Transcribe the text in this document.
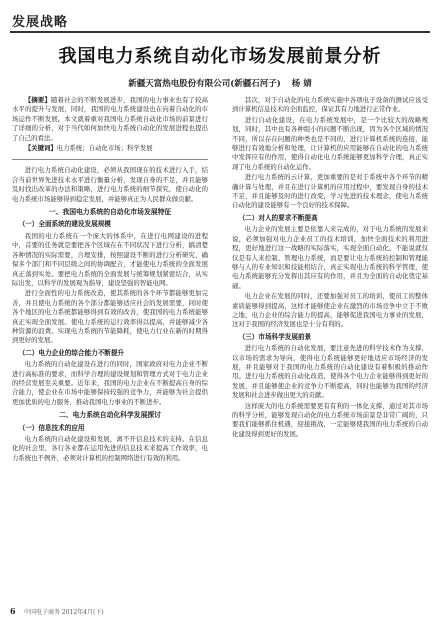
发展战略
我国电力系统自动化市场发展前景分析
新疆天富热电股份有限公司(新疆石河子) 杨 婧

【摘要】随着社会的不断发展进步，我国的电力事业也有了较高水平的提升与发展，同时，我国的电力系统建设也在向着自动化的市场运作不断发展。本文就着重对我国电力系统自动化市场的前景进行了详细的分析，对于当代如何加快电力系统自动化的发展进程也提出了自己的看法。

【关键词】电力系统；自动化市场；科学发展

进行电力系统自动化建设，必须从我国现在的技术进行入手，结合当前世界先进技术水平进行衡量分析，发现自身的不足，并且能够及时找出改革的办法和策略，进行电力系统的细节探究，使自动化的电力系统市场能够得到稳定发展，并能够真正为人民群众做贡献。

一、我国电力系统的自动化市场发展特征
（一）全面系统的建设发展规模

我国的电力系统在一个庞大的体系中，在进行电网建设的进程中，首要的任务就是要把各个区域在在不同状况下进行分析，搞清楚各种情况的实际需要，合理安排，按照建设不断的进行分析研究，确保多个部门和不同层级之间的协调配合，才能使电力系统的全面发展真正落到实处。要把电力系统的全面发展与统筹规划紧密结合，从实际出发，以科学的发展观为指导，建设坚强的智能电网。

进行全面性的电力系统改造，使其系统的各个环节都能够更加完善，并且使电力系统的各个部分都能够适应社会的发展需要，同时使各个地区的电力系统都能够得到有效的改善，使我国的电力系统能够真正实现全面发展。使电力系统的运行效率得以提高，并能够减少各种资源的浪费。实现电力系统的节能降耗，使电力行业在新的时期得到更好的发展。

（二）电力企业的综合能力不断提升

电力系统的自动化建设在进行的同时，国家政府对电力企业不断进行高标准的要求，而科学合理的建设规划和管理方式对于电力企业的经营发展至关重要。近年来，我国的电力企业在不断提高自身的综合能力，使企业在市场中能够保持较强的竞争力，并能够为社会提供更加优质的电力服务，推动我国电力事业的不断进步。

二、电力系统自动化科学发展探讨
（一）信息技术的应用

电力系统的自动化建设和发展，离不开信息技术的支持。在信息化的社会里，各行各业都在运用先进的信息技术来提高工作效率，电力系统也不例外，必须对计算机的控制网络进行有效的利用。

其次，对于自动化的电力系统实施中各项电子设备的测试应该受到计算机信息技术的全面监控，保证其有力地进行正常作业。

进行自动化建设，在电力系统发展中，是一个比较大的战略规划，同时，其中也有各种组小的问题不断出现，因为各个区域的情况不同，所以存在问题的种类也是不同的，进行计算机系统的连接，能够进行有效地分析和处理，让计算机的应用能够在自动化的电力系统中发挥应有的作用，使得自动化电力系统能够更加科学合理，真正实现了电力系统的自动化运作。

进行电力系统的云计算，更加重要的是对于系统中各个环节的精确计算与处理，并且在进行计算机的应用过程中，要发现自身的技术不足，并且能够及时的进行改变，学习先进的技术理念，使电力系统自动化的建设能够有一个良好的技术保障。

（二）对人的要求不断提高

电力企业的发展主要是依靠人来完成的，对于电力系统的发展来说，必须加强对电力企业员工的技术培训，加快全面技术的利用进程，更好地进行这一战略的实际落实，实现全面自动化。不能说就仅仅是有人来控制、管理电力系统，而是要让电力系统的控制和管理能够与人的专业知识和技能相结合，真正实现电力系统的科学管理，使电力系统能够充分发挥出其应有的作用，并且为全面的自动化奠定基础。

电力企业在发展的同时，还要加强对员工的培训，使员工的整体素质能够得到提高，这样才能够使企业在激烈的市场竞争中立于不败之地，电力企业的综合能力的提高，能够促进我国电力事业的发展，这对于我国的经济发展也是十分有利的。

（三）市场科学发展前景

进行电力系统的自动化发展，要注意先进的科学技术作为支撑，以市场的需求为导向，使得电力系统能够更好地适应市场经济的发展，并且能够对于我国的电力系统的自动化建设有着积极的推动作用。进行电力系统的自动化改造，使得各个电力企业能够得到更好的发展，并且能够使企业的竞争力不断提高，同时也能够为我国的经济发展和社会进步做出更大的贡献。

这样庞大的电力系统需要更有有利的一体化支撑，通过对其市场的科学分析，能够发现自动化的电力系统市场前景是非常广阔的，只要我们能够抓住机遇，迎接挑战，一定能够使我国的电力系统的自动化建设得到更好的发展。

6 中国电子商务 2012年4月(下)
